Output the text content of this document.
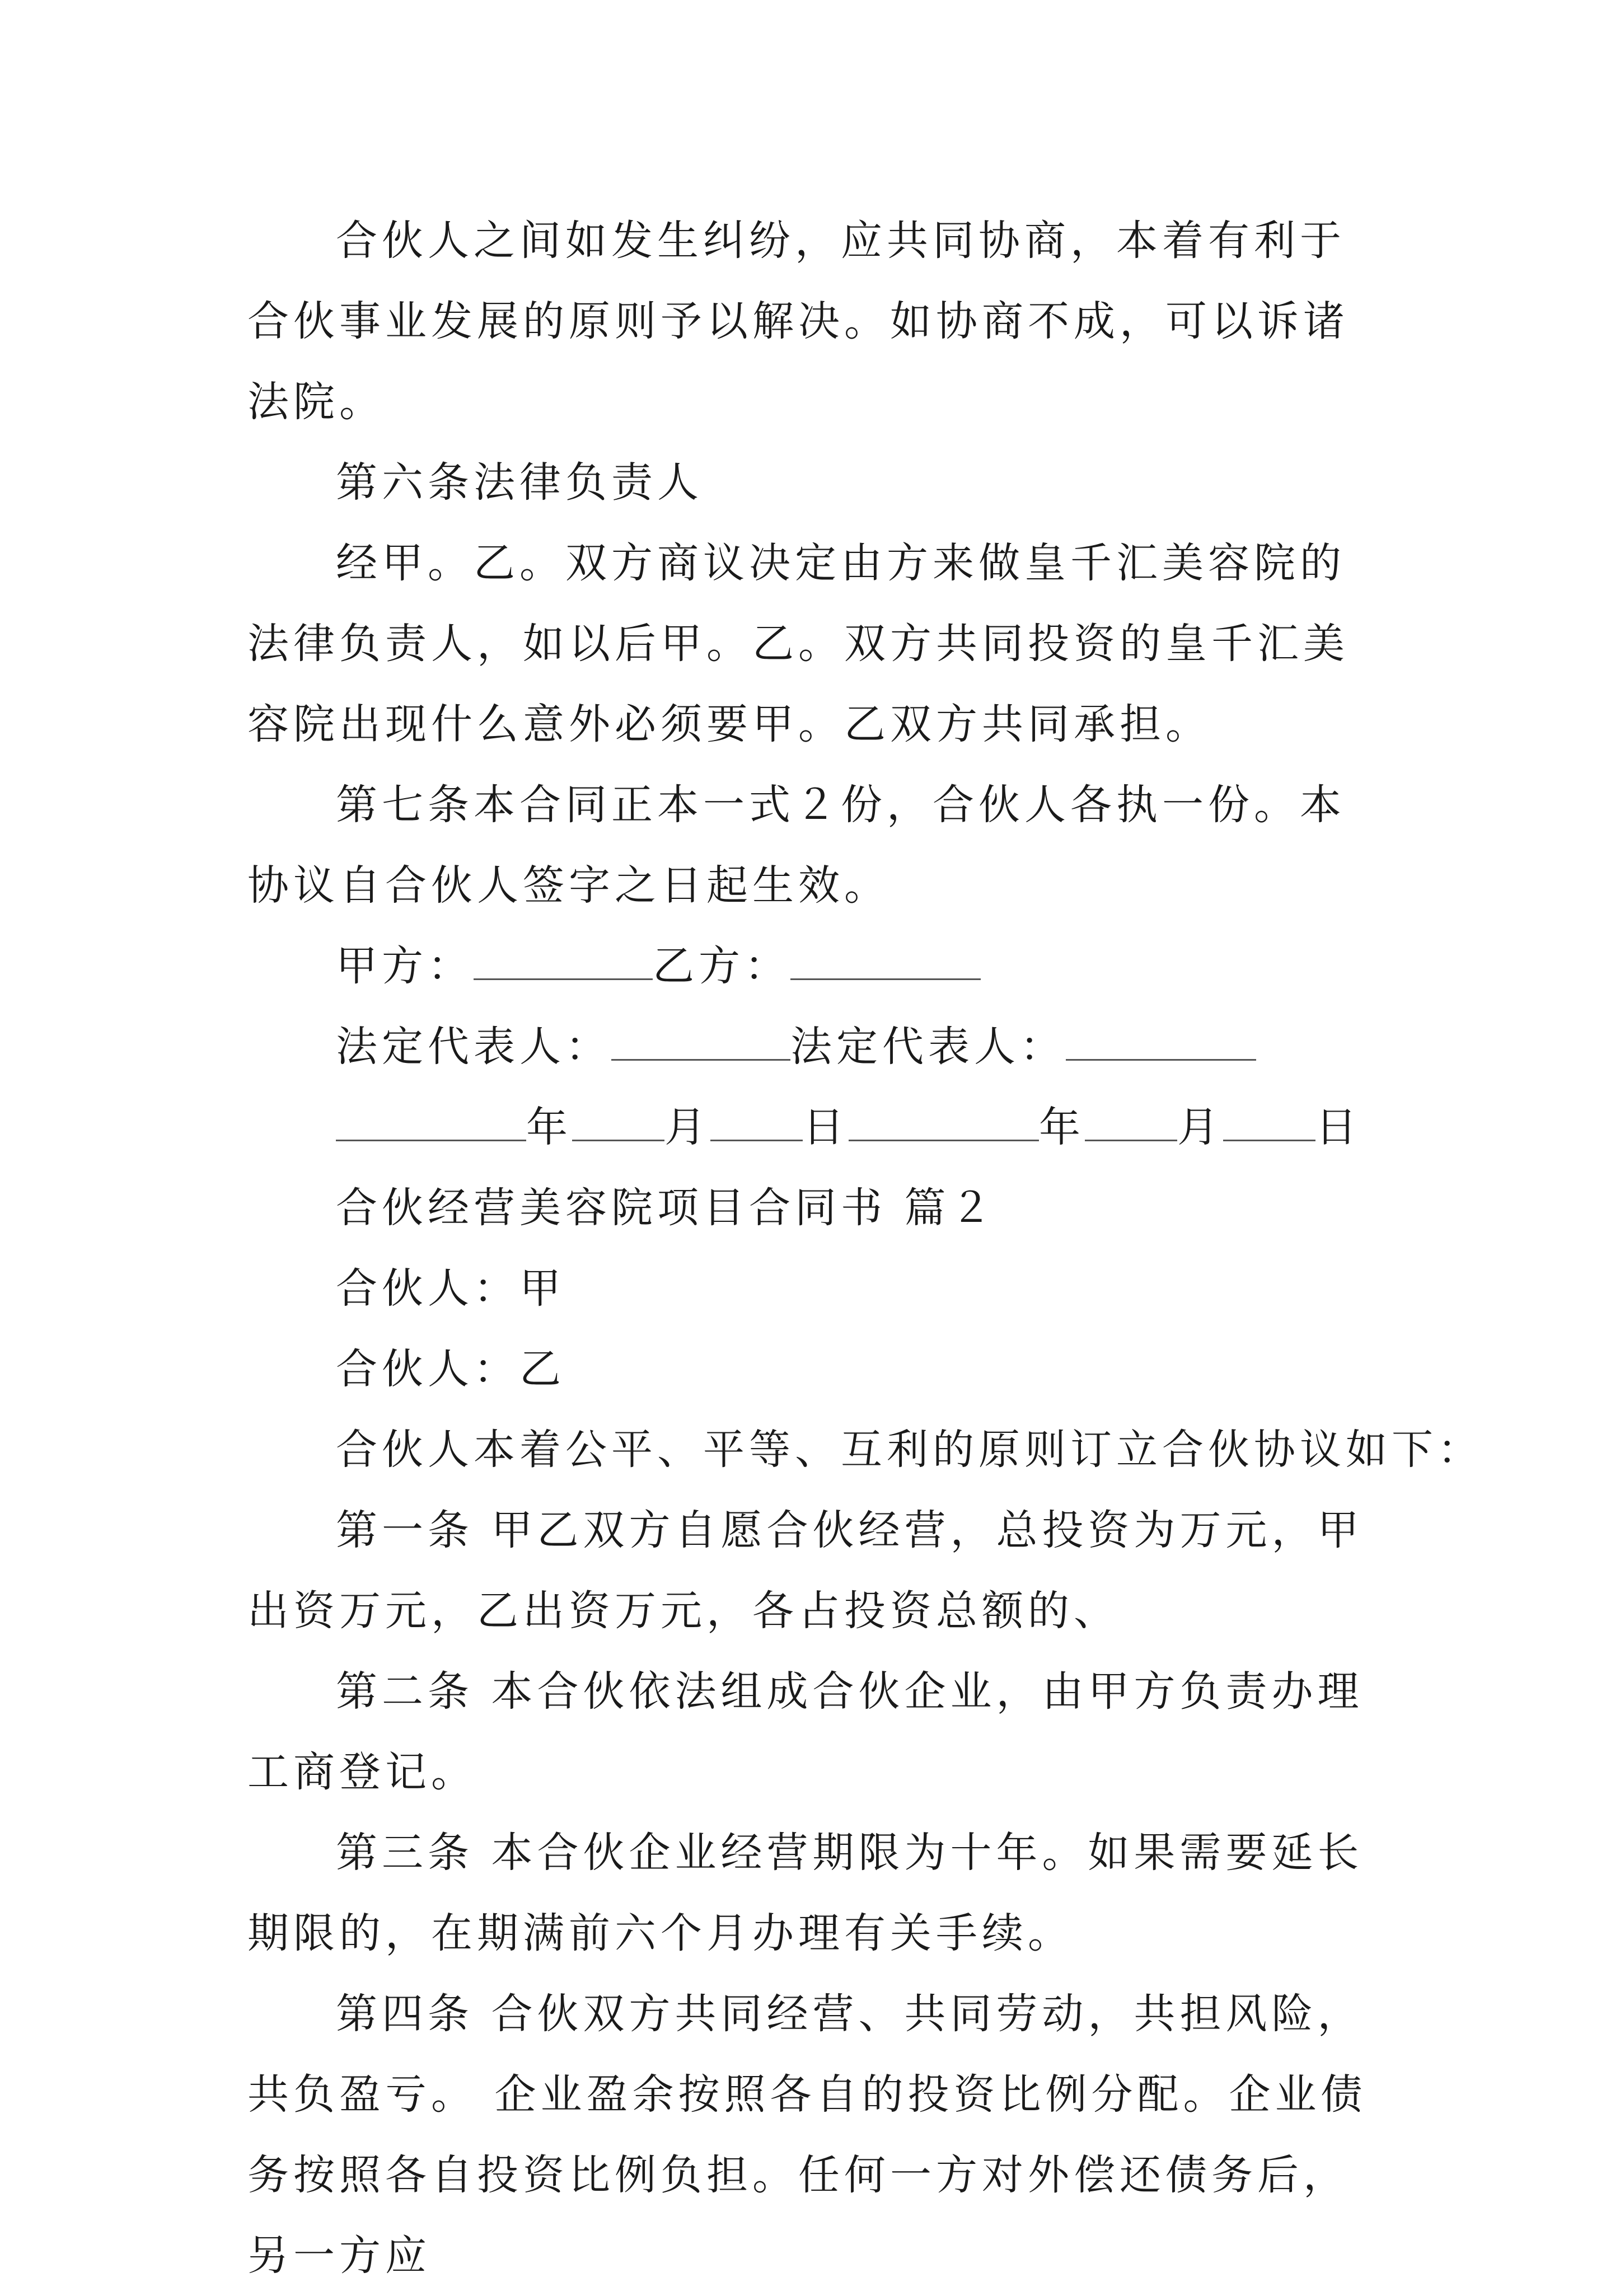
合伙人之间如发生纠纷，应共同协商，本着有利于合伙事业发展的原则予以解决。如协商不成，可以诉诸法院。

第六条法律负责人

经甲。乙。双方商议决定由方来做皇千汇美容院的法律负责人，如以后甲。乙。双方共同投资的皇千汇美容院出现什么意外必须要甲。乙双方共同承担。

第七条本合同正本一式２份，合伙人各执一份。本协议自合伙人签字之日起生效。

甲方：	乙方：

法定代表人：	法定代表人：

年 月 日	年 月 日

合伙经营美容院项目合同书 篇２

合伙人：甲

合伙人：乙

合伙人本着公平、平等、互利的原则订立合伙协议如下：

第一条 甲乙双方自愿合伙经营，总投资为万元，甲出资万元，乙出资万元，各占投资总额的、

第二条 本合伙依法组成合伙企业，由甲方负责办理工商登记。

第三条 本合伙企业经营期限为十年。如果需要延长期限的，在期满前六个月办理有关手续。

第四条 合伙双方共同经营、共同劳动，共担风险，共负盈亏。 企业盈余按照各自的投资比例分配。企业债务按照各自投资比例负担。任何一方对外偿还债务后，另一方应
